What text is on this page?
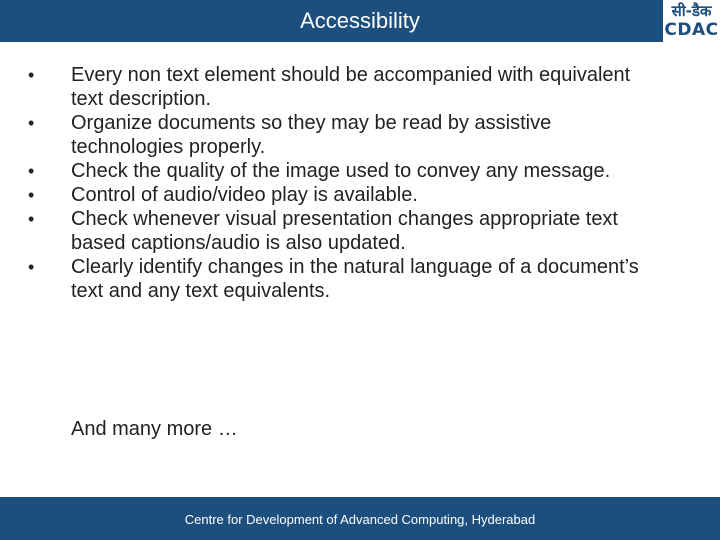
Accessibility	सी-डैक
CDAC
•	Every non text element should be accompanied with equivalent text description.
•	Organize documents so they may be read by assistive technologies properly.
•	Check the quality of the image used to convey any message.
•	Control of audio/video play is available.
•	Check whenever visual presentation changes appropriate text based captions/audio is also updated.
•	Clearly identify changes in the natural language of a document’s text and any text equivalents.
And many more …
Centre for Development of Advanced Computing, Hyderabad
